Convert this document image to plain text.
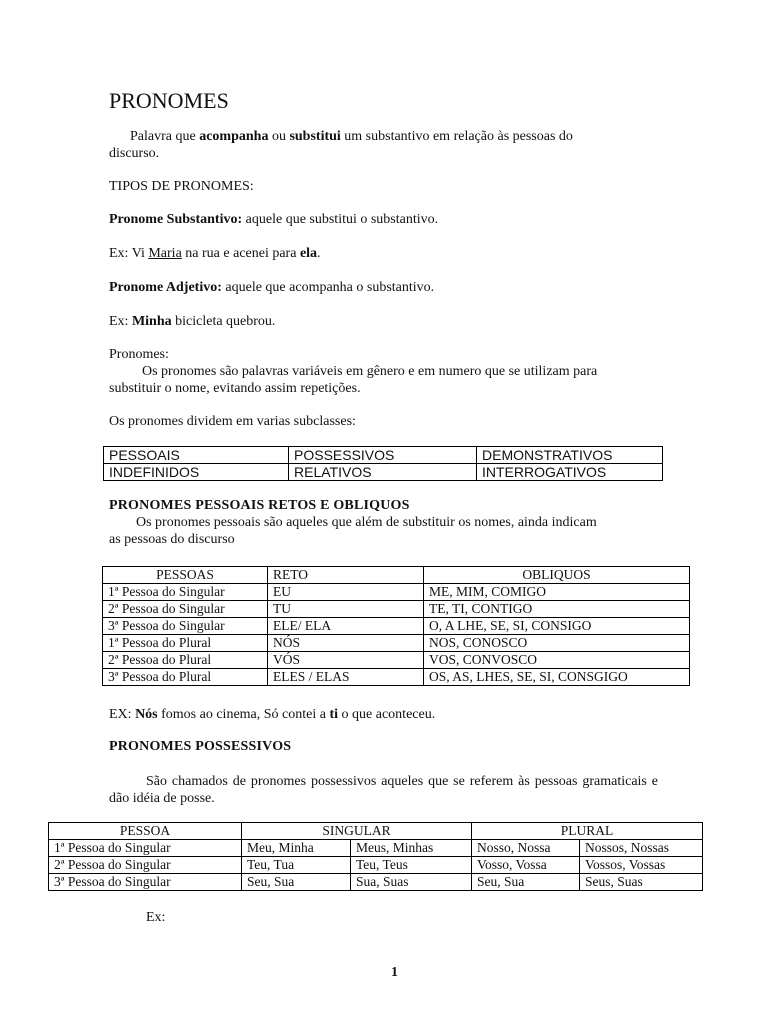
PRONOMES
Palavra que acompanha ou substitui um substantivo em relação às pessoas do
discurso.
TIPOS DE PRONOMES:
Pronome Substantivo: aquele que substitui o substantivo.
Ex: Vi Maria na rua e acenei para ela.
Pronome Adjetivo: aquele que acompanha o substantivo.
Ex: Minha bicicleta quebrou.
Pronomes:
Os pronomes são palavras variáveis em gênero e em numero que se utilizam para
substituir o nome, evitando assim repetições.
Os pronomes dividem em varias subclasses:
PESSOAIS	POSSESSIVOS	DEMONSTRATIVOS
INDEFINIDOS	RELATIVOS	INTERROGATIVOS
PRONOMES PESSOAIS RETOS E OBLIQUOS
Os pronomes pessoais são aqueles que além de substituir os nomes, ainda indicam
as pessoas do discurso
PESSOAS	RETO	OBLIQUOS
1ª Pessoa do Singular	EU	ME, MIM, COMIGO
2ª Pessoa do Singular	TU	TE, TI, CONTIGO
3ª Pessoa do Singular	ELE/ ELA	O, A LHE, SE, SI, CONSIGO
1ª Pessoa do Plural	NÓS	NOS, CONOSCO
2ª Pessoa do Plural	VÓS	VOS, CONVOSCO
3ª Pessoa do Plural	ELES / ELAS	OS, AS, LHES, SE, SI, CONSGIGO
EX: Nós fomos ao cinema, Só contei a ti o que aconteceu.
PRONOMES POSSESSIVOS
São chamados de pronomes possessivos aqueles que se referem às pessoas gramaticais e dão idéia de posse.
PESSOA	SINGULAR		PLURAL	
1ª Pessoa do Singular	Meu, Minha	Meus, Minhas	Nosso, Nossa	Nossos, Nossas
2ª Pessoa do Singular	Teu, Tua	Teu, Teus	Vosso, Vossa	Vossos, Vossas
3ª Pessoa do Singular	Seu, Sua	Sua, Suas	Seu, Sua	Seus, Suas
Ex:
1
